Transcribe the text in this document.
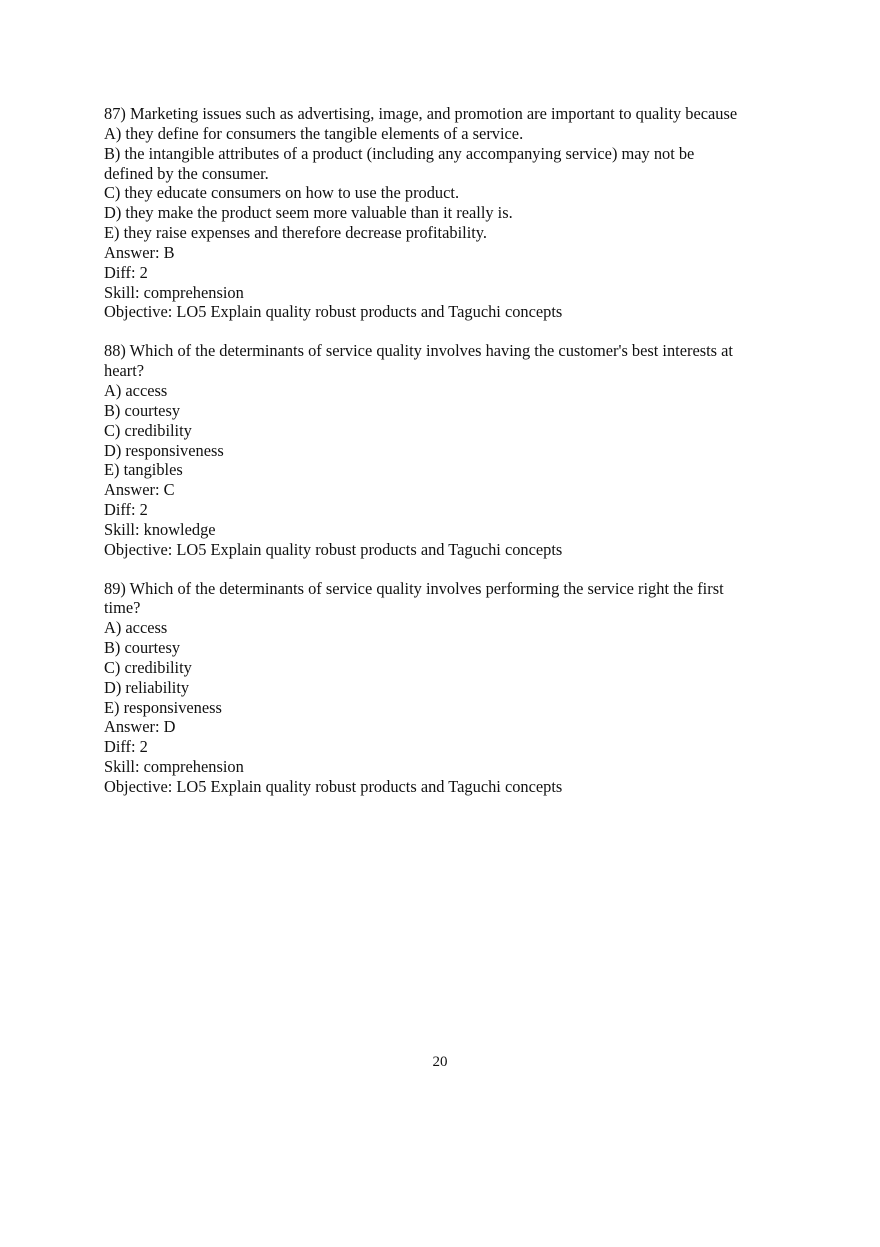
87) Marketing issues such as advertising, image, and promotion are important to quality because
A) they define for consumers the tangible elements of a service.
B) the intangible attributes of a product (including any accompanying service) may not be
defined by the consumer.
C) they educate consumers on how to use the product.
D) they make the product seem more valuable than it really is.
E) they raise expenses and therefore decrease profitability.
Answer: B
Diff: 2
Skill: comprehension
Objective: LO5 Explain quality robust products and Taguchi concepts
88) Which of the determinants of service quality involves having the customer's best interests at
heart?
A) access
B) courtesy
C) credibility
D) responsiveness
E) tangibles
Answer: C
Diff: 2
Skill: knowledge
Objective: LO5 Explain quality robust products and Taguchi concepts
89) Which of the determinants of service quality involves performing the service right the first
time?
A) access
B) courtesy
C) credibility
D) reliability
E) responsiveness
Answer: D
Diff: 2
Skill: comprehension
Objective: LO5 Explain quality robust products and Taguchi concepts
20
